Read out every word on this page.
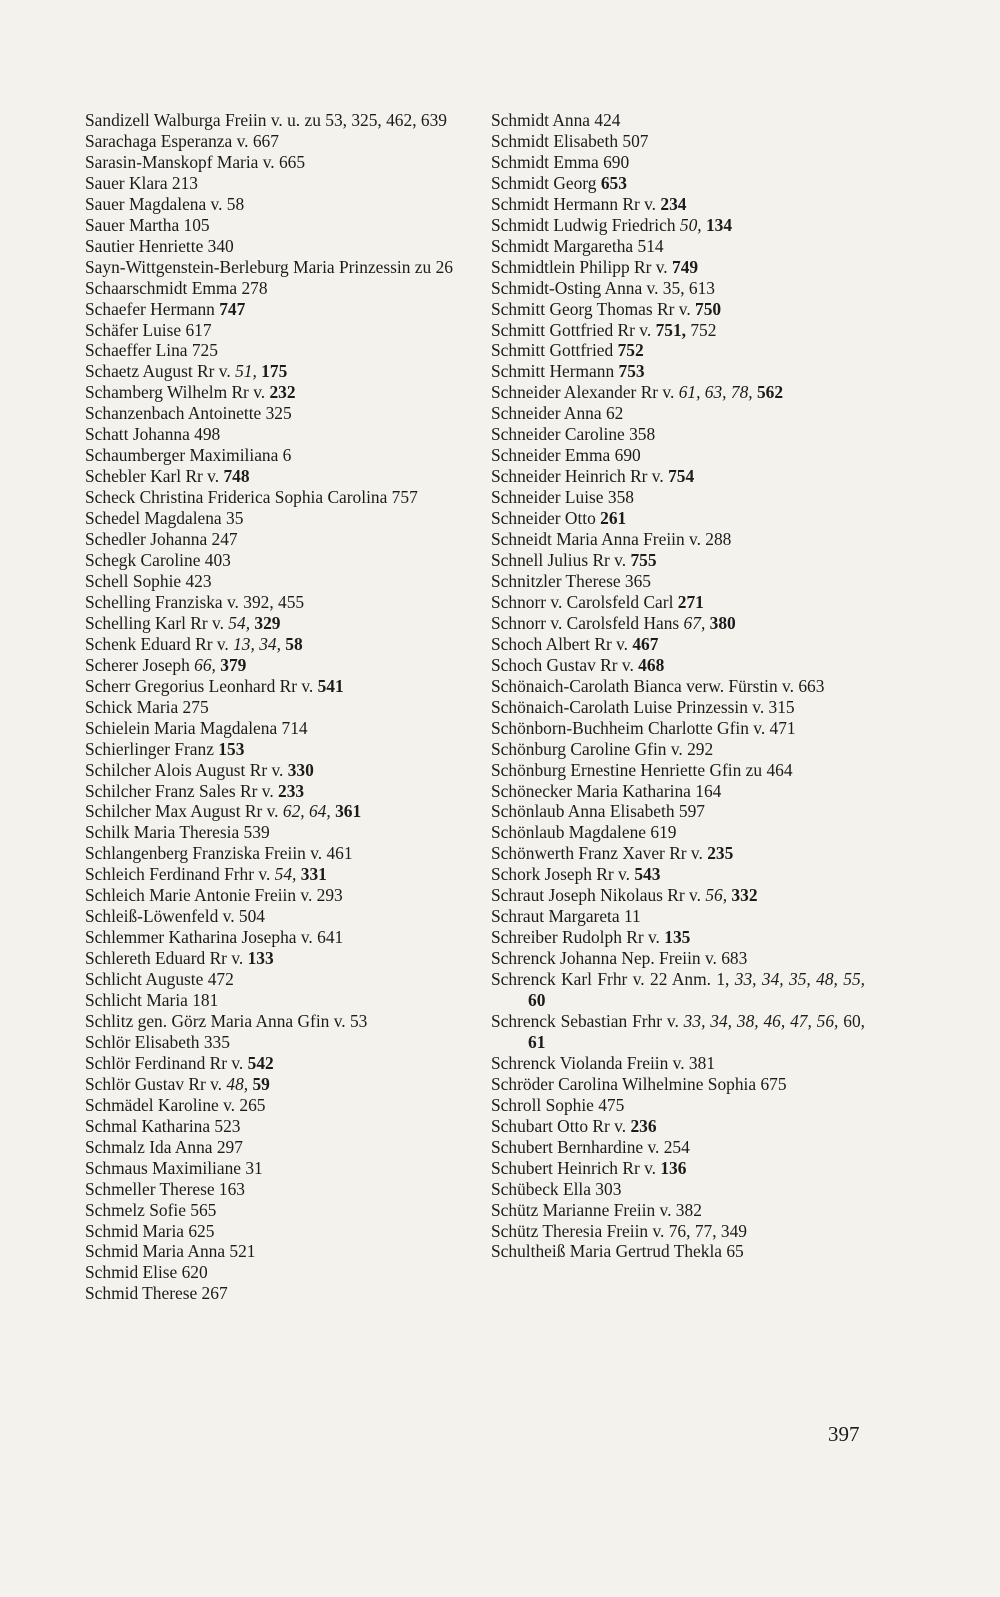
Sandizell Walburga Freiin v. u. zu 53, 325, 462, 639
Sarachaga Esperanza v. 667
Sarasin-Manskopf Maria v. 665
Sauer Klara 213
Sauer Magdalena v. 58
Sauer Martha 105
Sautier Henriette 340
Sayn-Wittgenstein-Berleburg Maria Prinzessin zu 26
Schaarschmidt Emma 278
Schaefer Hermann 747
Schäfer Luise 617
Schaeffer Lina 725
Schaetz August Rr v. 51, 175
Schamberg Wilhelm Rr v. 232
Schanzenbach Antoinette 325
Schatt Johanna 498
Schaumberger Maximiliana 6
Schebler Karl Rr v. 748
Scheck Christina Friderica Sophia Carolina 757
Schedel Magdalena 35
Schedler Johanna 247
Schegk Caroline 403
Schell Sophie 423
Schelling Franziska v. 392, 455
Schelling Karl Rr v. 54, 329
Schenk Eduard Rr v. 13, 34, 58
Scherer Joseph 66, 379
Scherr Gregorius Leonhard Rr v. 541
Schick Maria 275
Schielein Maria Magdalena 714
Schierlinger Franz 153
Schilcher Alois August Rr v. 330
Schilcher Franz Sales Rr v. 233
Schilcher Max August Rr v. 62, 64, 361
Schilk Maria Theresia 539
Schlangenberg Franziska Freiin v. 461
Schleich Ferdinand Frhr v. 54, 331
Schleich Marie Antonie Freiin v. 293
Schleiß-Löwenfeld v. 504
Schlemmer Katharina Josepha v. 641
Schlereth Eduard Rr v. 133
Schlicht Auguste 472
Schlicht Maria 181
Schlitz gen. Görz Maria Anna Gfin v. 53
Schlör Elisabeth 335
Schlör Ferdinand Rr v. 542
Schlör Gustav Rr v. 48, 59
Schmädel Karoline v. 265
Schmal Katharina 523
Schmalz Ida Anna 297
Schmaus Maximiliane 31
Schmeller Therese 163
Schmelz Sofie 565
Schmid Maria 625
Schmid Maria Anna 521
Schmid Elise 620
Schmid Therese 267
Schmidt Anna 424
Schmidt Elisabeth 507
Schmidt Emma 690
Schmidt Georg 653
Schmidt Hermann Rr v. 234
Schmidt Ludwig Friedrich 50, 134
Schmidt Margaretha 514
Schmidtlein Philipp Rr v. 749
Schmidt-Osting Anna v. 35, 613
Schmitt Georg Thomas Rr v. 750
Schmitt Gottfried Rr v. 751, 752
Schmitt Gottfried 752
Schmitt Hermann 753
Schneider Alexander Rr v. 61, 63, 78, 562
Schneider Anna 62
Schneider Caroline 358
Schneider Emma 690
Schneider Heinrich Rr v. 754
Schneider Luise 358
Schneider Otto 261
Schneidt Maria Anna Freiin v. 288
Schnell Julius Rr v. 755
Schnitzler Therese 365
Schnorr v. Carolsfeld Carl 271
Schnorr v. Carolsfeld Hans 67, 380
Schoch Albert Rr v. 467
Schoch Gustav Rr v. 468
Schönaich-Carolath Bianca verw. Fürstin v. 663
Schönaich-Carolath Luise Prinzessin v. 315
Schönborn-Buchheim Charlotte Gfin v. 471
Schönburg Caroline Gfin v. 292
Schönburg Ernestine Henriette Gfin zu 464
Schönecker Maria Katharina 164
Schönlaub Anna Elisabeth 597
Schönlaub Magdalene 619
Schönwerth Franz Xaver Rr v. 235
Schork Joseph Rr v. 543
Schraut Joseph Nikolaus Rr v. 56, 332
Schraut Margareta 11
Schreiber Rudolph Rr v. 135
Schrenck Johanna Nep. Freiin v. 683
Schrenck Karl Frhr v. 22 Anm. 1, 33, 34, 35, 48, 55, 60
Schrenck Sebastian Frhr v. 33, 34, 38, 46, 47, 56, 60, 61
Schrenck Violanda Freiin v. 381
Schröder Carolina Wilhelmine Sophia 675
Schroll Sophie 475
Schubart Otto Rr v. 236
Schubert Bernhardine v. 254
Schubert Heinrich Rr v. 136
Schübeck Ella 303
Schütz Marianne Freiin v. 382
Schütz Theresia Freiin v. 76, 77, 349
Schultheiß Maria Gertrud Thekla 65
397
